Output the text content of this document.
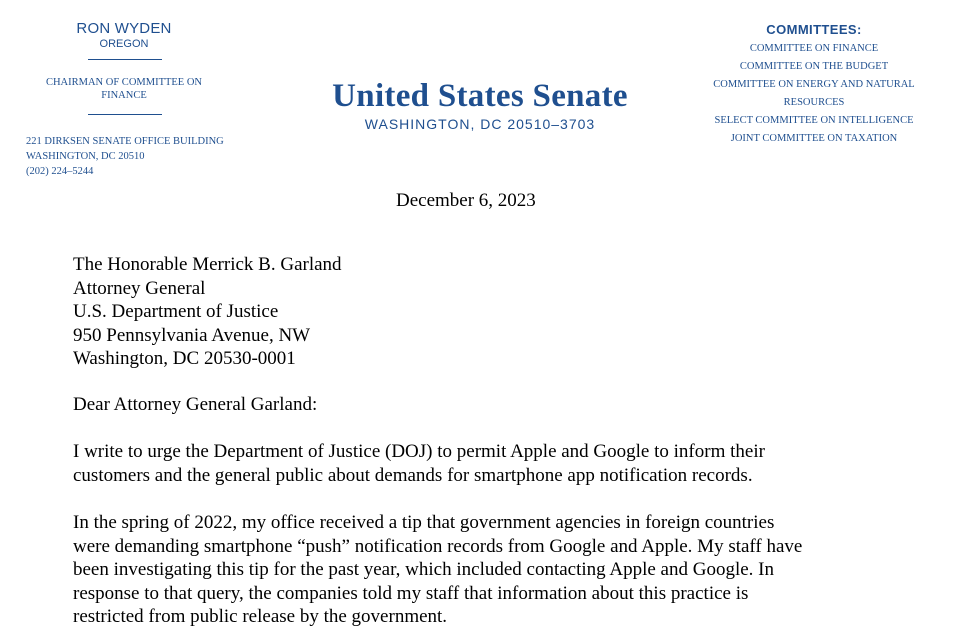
RON WYDEN
OREGON
CHAIRMAN OF COMMITTEE ON
FINANCE
221 DIRKSEN SENATE OFFICE BUILDING
WASHINGTON, DC 20510
(202) 224–5244
United States Senate
WASHINGTON, DC 20510–3703
COMMITTEES:
COMMITTEE ON FINANCE
COMMITTEE ON THE BUDGET
COMMITTEE ON ENERGY AND NATURAL RESOURCES
SELECT COMMITTEE ON INTELLIGENCE
JOINT COMMITTEE ON TAXATION
December 6, 2023
The Honorable Merrick B. Garland
Attorney General
U.S. Department of Justice
950 Pennsylvania Avenue, NW
Washington, DC 20530-0001
Dear Attorney General Garland:
I write to urge the Department of Justice (DOJ) to permit Apple and Google to inform their
customers and the general public about demands for smartphone app notification records.
In the spring of 2022, my office received a tip that government agencies in foreign countries
were demanding smartphone “push” notification records from Google and Apple. My staff have
been investigating this tip for the past year, which included contacting Apple and Google. In
response to that query, the companies told my staff that information about this practice is
restricted from public release by the government.
